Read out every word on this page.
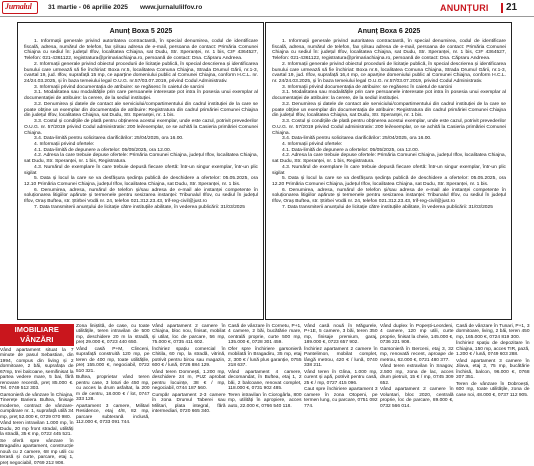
Jurnalul 31 martie - 06 aprilie 2025 www.jurnalulilfov.ro	ANUNȚURI 21
Anunț Boxa 5 2025

1. Informații generale privind autoritatea contractantă, în special denumirea, codul de identificare fiscală, adresa, numărul de telefon, fax și/sau adresa de e-mail, persoana de contact: Primăria Comunei Chiajna cu sediul în: județul Ilfov, localitatea Chiajna, sat Dudu, Str. Speranței, nr. 1 bis, CIF 4364527, Telefon: 021-4361122, registratura@primariachiajna.ro, persoană de contact: Dna. Căpraru Andreea.

2. Informații generale privind obiectul procedurii de licitație publică, în special descrierea și identificarea bunului care urmează să fie închiriat: Boxa nr.5, localitatea Comuna Chiajna, Strada Drumul Gării, nr.1-3, cvartal 19, jud. Ilfov, suprafață 15 mp, ce aparține domeniului public al Comunei Chiajna, conform H.C.L. nr. 24/24.03.2025, și în baza temeiului legal O.U.G. nr.57/03.07.2019, privind Codul Administrativ.

3. Informații privind documentația de atribuire: se regăsesc în caietul de sarcini

3.1. Modalitatea sau modalitățile prin care persoanele interesate pot intra în posesia unui exemplar al documentației de atribuire: la cerere, de la sediul instituției.

3.2. Denumirea și datele de contact ale serviciului/compartimentului din cadrul instituției de la care se poate obține un exemplar din documentația de atribuire: Registratura din cadrul primăriei Comunei Chiajna din județul Ilfov, localitatea Chiajna, sat Dudu, Str. Speranței, nr. 1 bis.

3.3. Costul și condițiile de plată pentru obținerea acestui exemplar, unde este cazul, potrivit prevederilor O.U.G. nr. 57/2019 privind Codul administrativ: 200 lei/exemplar, ce se achită la Casieria primăriei Comunei Chiajna.

3.4. Data-limită pentru solicitarea clarificărilor: 25/04/2025, ora 16.00.

4. Informații privind ofertele:

4.1. Data-limită de depunere a ofertelor: 05/05/2025, ora 12.00.

4.2. Adresa la care trebuie depuse ofertele: Primăria Comunei Chiajna, județul Ilfov, localitatea Chiajna, sat Dudu, Str. Speranței, nr. 1 bis, Registratura.

4.3. Numărul de exemplare în care trebuie depusă fiecare ofertă: Într-un singur exemplar, într-un plic sigilat

5. Data și locul la care se va desfășura ședința publică de deschidere a ofertelor: 05.05.2025, ora 12.10 Primăria Comunei Chiajna, județul Ilfov, localitatea Chiajna, sat Dudu, Str. Speranței, nr. 1 bis.

6. Denumirea, adresa, numărul de telefon și/sau adresa de e-mail ale instanței competente în soluționarea litigiilor apărute și termenele pentru sesizarea instanței: Tribunalul Ilfov, cu sediul în județul Ilfov, Oraș Buftea, str. Știrbei Vodă nr. 24, telefon 021.312.23.43, trif-reg-civil@just.ro

7. Data transmiterii anunțului de licitație către instituțiile abilitate, în vederea publicării: 31/03/2025

Anunț Boxa 6 2025

1. Informații generale privind autoritatea contractantă, în special denumirea, codul de identificare fiscală, adresa, numărul de telefon, fax și/sau adresa de e-mail, persoana de contact: Primăria Comunei Chiajna cu sediul în: județul Ilfov, localitatea Chiajna, sat Dudu, Str. Speranței, nr. 1 bis, CIF 4364527, Telefon: 021-4361122, registratura@primariachiajna.ro, persoană de contact: Dna. Căpraru Andreea.

2. Informații generale privind obiectul procedurii de licitație publică, în special descrierea și identificarea bunului care urmează să fie închiriat: Boxa nr.6, localitatea Comuna Chiajna, Strada Drumul Gării, nr.1-3, cvartal 19, jud. Ilfov, suprafață 16,4 mp, ce aparține domeniului public al Comunei Chiajna, conform H.C.L. nr. 24/24.03.2025, și în baza temeiului legal O.U.G. nr.57/03.07.2019, privind Codul Administrativ.

3. Informații privind documentația de atribuire: se regăsesc în caietul de sarcini

3.1. Modalitatea sau modalitățile prin care persoanele interesate pot intra în posesia unui exemplar al documentației de atribuire: la cerere, de la sediul instituției.

3.2. Denumirea și datele de contact ale serviciului/compartimentului din cadrul instituției de la care se poate obține un exemplar din documentația de atribuire: Registratura din cadrul primăriei Comunei Chiajna din județul Ilfov, localitatea Chiajna, sat Dudu, Str. Speranței, nr. 1 bis.

3.3. Costul și condițiile de plată pentru obținerea acestui exemplar, unde este cazul, potrivit prevederilor O.U.G. nr. 57/2019 privind Codul administrativ: 200 lei/exemplar, ce se achită la Casieria primăriei Comunei Chiajna.

3.4. Data-limită pentru solicitarea clarificărilor: 25/04/2025, ora 16.00.

4. Informații privind ofertele:

4.1. Data-limită de depunere a ofertelor: 05/05/2025, ora 12.00.

4.2. Adresa la care trebuie depuse ofertele: Primăria Comunei Chiajna, județul Ilfov, localitatea Chiajna, sat Dudu, Str. Speranței, nr. 1 bis, Registratura.

4.3. Numărul de exemplare în care trebuie depusă fiecare ofertă: Într-un singur exemplar, într-un plic sigilat

5. Data și locul la care se va desfășura ședința publică de deschidere a ofertelor: 05.05.2025, ora 12.20 Primăria Comunei Chiajna, județul Ilfov, localitatea Chiajna, sat Dudu, Str. Speranței, nr. 1 bis.

6. Denumirea, adresa, numărul de telefon și/sau adresa de e-mail ale instanței competente în soluționarea litigiilor apărute și termenele pentru sesizarea instanței: Tribunalul Ilfov, cu sediul în județul Ilfov, Oraș Buftea, str. Știrbei Vodă nr. 24, telefon 021.312.23.43, trif-reg-civil@just.ro

7. Data transmiterii anunțului de licitație către instituțiile abilitate, în vederea publicării: 31/03/2025

IMOBILIARE
VÂNZĂRI

Vând apartament situat la 7 minute de pasul Sebastian, din 1994, compus din living și 2 dormitoare, 2 băi, suprafața de 67mp, trei balcoane, semifinisat la partea vedere mare, 5 bai, fără renovare recentă, preț 85.000 €. Tel. 0749 512 303.

Garsonieră de vânzare în Chiajna, Tinerețe Bariera Buftea, finisaje moderne, contract de vânzare-cumpărare nr. 1, suprafață utilă 34 mp, preț 52.000 €, 0729 070 980.

Vând teren intravilan 1.000 mp, în Dudu, 20 mp front stradal, utilități la stradă, 35 € mp, 0722 445 521.

Se oferă spre vânzare în Bragadiru apartament, construcție nouă cu 2 camere, 68 mp utili cu terasă și curte, parcare, etaj 1, preț negociabil, 0769 212 908.

Zona liniștită, de case, cu toate utilitățile, teren intravilan de 500 mp, deschidere 20 m la stradă, preț 29.000 €, 0723 440 650.

Vând casă P+M, Clinceni, suprafață construită 120 mp, pe teren de 400 mp, toate utilitățile, preț 155.000 €, negociabil, 0722 510 321.

Buftea, proprietar vând teren pentru case, 3 loturi de 450 mp, cu acces la drum asfaltat, la 200 m de centru, 18.000 € / lot, 0747 333 128.

Apartament 3 camere, Militari Residence, etaj 4/8, 82 mp, parcare subterană inclusă, 112.000 €, 0733 091 744.

Vând apartament 2 camere în Chiajna, bloc nou, finisat, mobilat și utilat, loc de parcare, 56 mp, 75.000 €, 0735 411 602.

Închiriez spațiu comercial în Chitila, 60 mp, la stradă, vitrină, potrivit pentru birou sau magazin, 600 € / lună, 0726 884 129.

Vând teren Domnești, 1.200 mp, deschidere 24 m, PUZ aprobat pentru locuințe, 38 € / mp, negociabil, 0744 187 560.

Cumpăr apartament 2-3 camere în zona Drumul Taberei sau Militari, plata integral, fără intermediari, 0720 665 340.

Casă de vânzare în Cornetu, P+1, 4 camere, 2 băi, bucătărie mare, centrală proprie, curte 500 mp, 135.000 €, 0728 301 459.

Ofer spre închiriere garsonieră mobilată în Bragadiru, 35 mp, etaj 2, 300 € / lună plus garanție, 0755 218 637.

Vând apartament 4 camere, decomandat, în Buftea, etaj 1, 2 băi, 2 balcoane, renovat complet, 118.000 €, 0731 902 485.

Teren intravilan în Ciorogârla, 800 mp, utilități în apropiere, acces auto, 22.000 €, 0766 540 118.

Vând casă nouă în Măgurele, P+1E, 5 camere, 3 băi, teren 350 mp, finisaje premium, garaj, 189.000 €, 0723 657 902.

Închiriez apartament 2 camere în Pantelimon, mobilat complet, lângă metrou, 420 € / lună, 0740 338 211.

Vând teren în Glina, 1.000 mp, curent și apă, potrivit pentru casă, 25 € / mp, 0727 415 096.

Caut spre închiriere apartament 3 camere în zona Otopeni, pe termen lung, cu parcare, 0751 092 774.

Vând duplex în Popești-Leordeni, 4 camere, 120 mp utili, curte proprie, finisat la cheie, 145.000 €, 0736 221 908.

Garsonieră în Berceni, etaj 3, 32 mp, renovată recent, aproape de metrou, 62.000 €, 0721 480 377.

Vând teren extravilan în Snagov, 2.500 mp, zona de lac, acces drum pietruit, 15 € / mp, 0745 309 652.

Vând apartament 2 camere în Voluntari, bloc 2020, centrală proprie, loc de parcare, 89.000 €, 0732 566 014.

Casă de vânzare în Tunari, P+1, 3 dormitoare, living, 2 băi, teren 450 mp, 165.000 €, 0724 819 300.

Închiriez spațiu de depozitare în Chiajna, 150 mp, acces TIR, pază, 1.200 € / lună, 0749 603 288.

Vând apartament 3 camere în Jilava, etaj 2, 75 mp, bucătărie închisă, balcon, 96.000 €, 0768 207 351.

Teren de vânzare în Dobroești, 600 mp, toate utilitățile, zona de case noi, 48.000 €, 0737 112 905.
